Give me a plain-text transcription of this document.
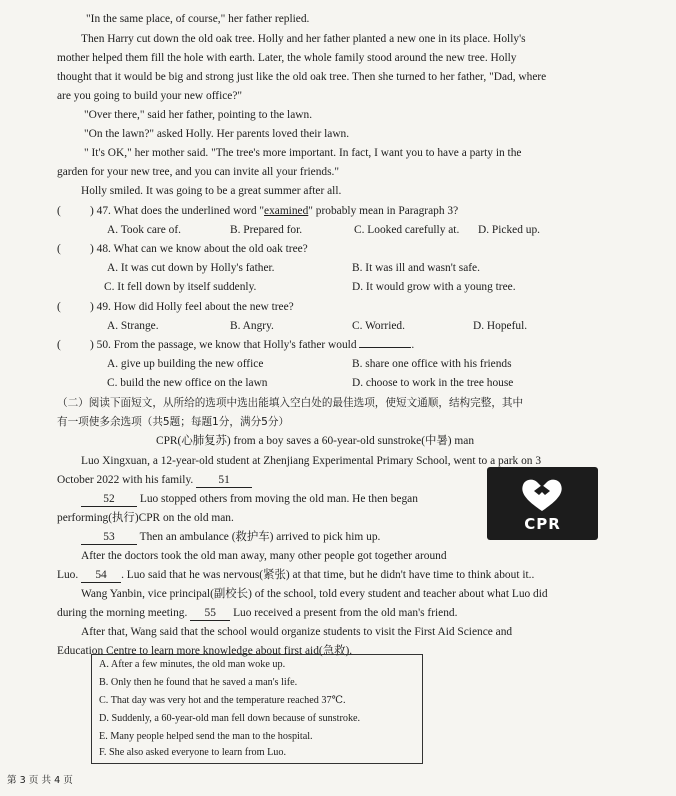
"In the same place, of course," her father replied.
Then Harry cut down the old oak tree. Holly and her father planted a new one in its place. Holly's
mother helped them fill the hole with earth. Later, the whole family stood around the new tree. Holly
thought that it would be big and strong just like the old oak tree. Then she turned to her father, "Dad, where
are you going to build your new office?"
"Over there," said her father, pointing to the lawn.
"On the lawn?" asked Holly. Her parents loved their lawn.
" It's OK," her mother said. "The tree's more important. In fact, I want you to have a party in the
garden for your new tree, and you can invite all your friends."
Holly smiled. It was going to be a great summer after all.
(	) 47. What does the underlined word "examined" probably mean in Paragraph 3?
A. Took care of.	B. Prepared for.	C. Looked carefully at. D. Picked up.
(	) 48. What can we know about the old oak tree?
A. It was cut down by Holly's father.	B. It was ill and wasn't safe.
C. It fell down by itself suddenly.	D. It would grow with a young tree.
(	) 49. How did Holly feel about the new tree?
A. Strange.	B. Angry.	C. Worried.	D. Hopeful.
(	) 50. From the passage, we know that Holly's father would	.
A. give up building the new office	B. share one office with his friends
C. build the new office on the lawn	D. choose to work in the tree house
（二）阅读下面短文，从所给的选项中选出能填入空白处的最佳选项，使短文通顺，结构完整，其中
有一项使多余选项（共5题；每题1分，满分5分）
CPR(心肺复苏) from a boy saves a 60-year-old sunstroke(中暑) man
Luo Xingxuan, a 12-year-old student at Zhenjiang Experimental Primary School, went to a park on 3
October 2022 with his family. 51
CPR
52 Luo stopped others from moving the old man. He then began
performing(执行)CPR on the old man.
53 Then an ambulance (救护车) arrived to pick him up.
After the doctors took the old man away, many other people got together around
Luo. 54 . Luo said that he was nervous(紧张) at that time, but he didn't have time to think about it..
Wang Yanbin, vice principal(副校长) of the school, told every student and teacher about what Luo did
during the morning meeting. 55 Luo received a present from the old man's friend.
After that, Wang said that the school would organize students to visit the First Aid Science and
Education Centre to learn more knowledge about first aid(急救).
A. After a few minutes, the old man woke up.
B. Only then he found that he saved a man's life.
C. That day was very hot and the temperature reached 37℃.
D. Suddenly, a 60-year-old man fell down because of sunstroke.
E. Many people helped send the man to the hospital.
F. She also asked everyone to learn from Luo.
第 3 页 共 4 页
